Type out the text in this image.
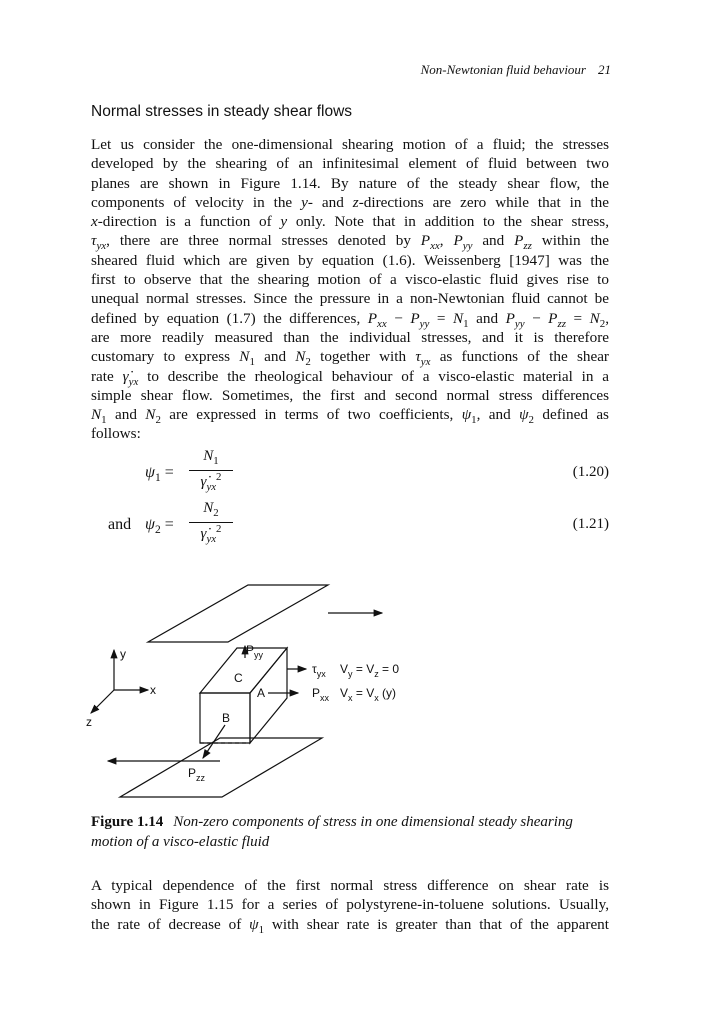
Non-Newtonian fluid behaviour 21
Normal stresses in steady shear flows
Let us consider the one-dimensional shearing motion of a fluid; the stresses
developed by the shearing of an infinitesimal element of fluid between two
planes are shown in Figure 1.14. By nature of the steady shear flow, the
components of velocity in the y- and z-directions are zero while that in the
x-direction is a function of y only. Note that in addition to the shear stress,
$\tau_{yx}$, there are three normal stresses denoted by $P_{xx}$, $P_{yy}$ and $P_{zz}$ within the
sheared fluid which are given by equation (1.6). Weissenberg [1947] was the
first to observe that the shearing motion of a visco-elastic fluid gives rise to
unequal normal stresses. Since the pressure in a non-Newtonian fluid cannot be
defined by equation (1.7) the differences, $P_{xx} - P_{yy} = N_1$ and $P_{yy} - P_{zz} = N_2$,
are more readily measured than the individual stresses, and it is therefore
customary to express $N_1$ and $N_2$ together with $\tau_{yx}$ as functions of the shear
rate $\gammȧ_{yx}$ to describe the rheological behaviour of a visco-elastic material in a
simple shear flow. Sometimes, the first and second normal stress differences
$N_1$ and $N_2$ are expressed in terms of two coefficients, $\psi_1$, and $\psi_2$ defined as
follows:
$\psi_1$ =
$N_1$
$\gammȧ_{yx}^2$	(1.20)
and $\psi_2$ =
$N_2$
$\gammȧ_{yx}^2$	(1.21)
y
x
z
C
A
B
$P_{yy}$
$P_{zz}$
$P_{xx}$
$\tau_{yx}$ $V_y = V_z = 0$
$V_x = V_x$ (y)

Figure 1.14 Non-zero components of stress in one dimensional steady shearing motion of a visco-elastic fluid

A typical dependence of the first normal stress difference on shear rate is
shown in Figure 1.15 for a series of polystyrene-in-toluene solutions. Usually,
the rate of decrease of $\psi_1$ with shear rate is greater than that of the apparent
